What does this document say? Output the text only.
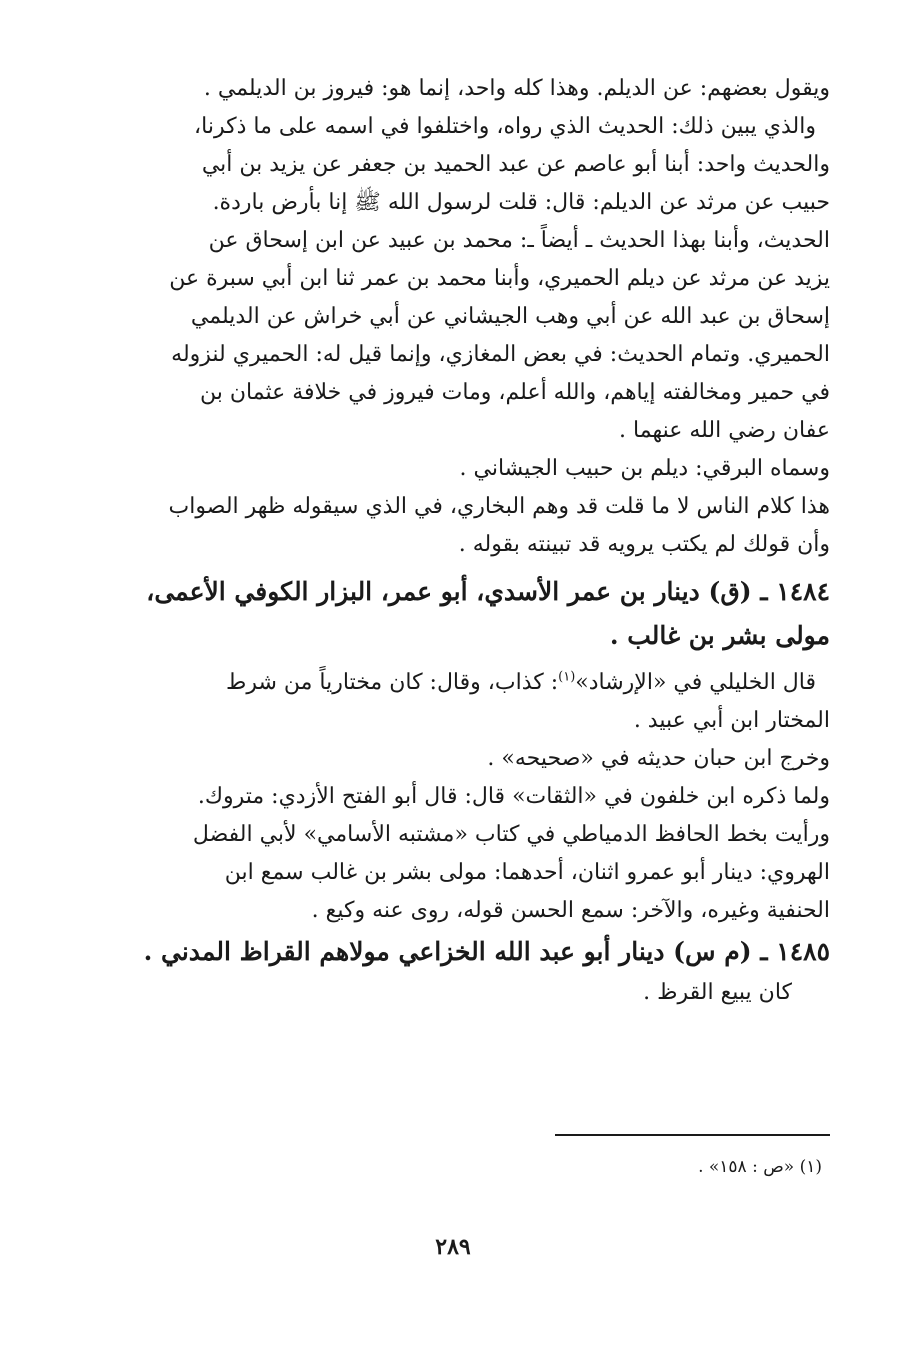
ويقول بعضهم: عن الديلم. وهذا كله واحد، إنما هو: فيروز بن الديلمي .
والذي يبين ذلك: الحديث الذي رواه، واختلفوا في اسمه على ما ذكرنا،
والحديث واحد: أبنا أبو عاصم عن عبد الحميد بن جعفر عن يزيد بن أبي
حبيب عن مرثد عن الديلم: قال: قلت لرسول الله ﷺ إنا بأرض باردة.
الحديث، وأبنا بهذا الحديث ـ أيضاً ـ: محمد بن عبيد عن ابن إسحاق عن
يزيد عن مرثد عن ديلم الحميري، وأبنا محمد بن عمر ثنا ابن أبي سبرة عن
إسحاق بن عبد الله عن أبي وهب الجيشاني عن أبي خراش عن الديلمي
الحميري. وتمام الحديث: في بعض المغازي، وإنما قيل له: الحميري لنزوله
في حمير ومخالفته إياهم، والله أعلم، ومات فيروز في خلافة عثمان بن
عفان رضي الله عنهما .
وسماه البرقي: ديلم بن حبيب الجيشاني .
هذا كلام الناس لا ما قلت قد وهم البخاري، في الذي سيقوله ظهر الصواب
وأن قولك لم يكتب يرويه قد تبينته بقوله .
١٤٨٤ ـ (ق) دينار بن عمر الأسدي، أبو عمر، البزار الكوفي الأعمى،
مولى بشر بن غالب .
قال الخليلي في «الإرشاد»$^{(١)}$: كذاب، وقال: كان مختارياً من شرط
المختار ابن أبي عبيد .
وخرج ابن حبان حديثه في «صحيحه» .
ولما ذكره ابن خلفون في «الثقات» قال: قال أبو الفتح الأزدي: متروك.
ورأيت بخط الحافظ الدمياطي في كتاب «مشتبه الأسامي» لأبي الفضل
الهروي: دينار أبو عمرو اثنان، أحدهما: مولى بشر بن غالب سمع ابن
الحنفية وغيره، والآخر: سمع الحسن قوله، روى عنه وكيع .
١٤٨٥ ـ (م س) دينار أبو عبد الله الخزاعي مولاهم القراظ المدني .
كان يبيع القرظ .
(١) «ص : ١٥٨» .
٢٨٩
